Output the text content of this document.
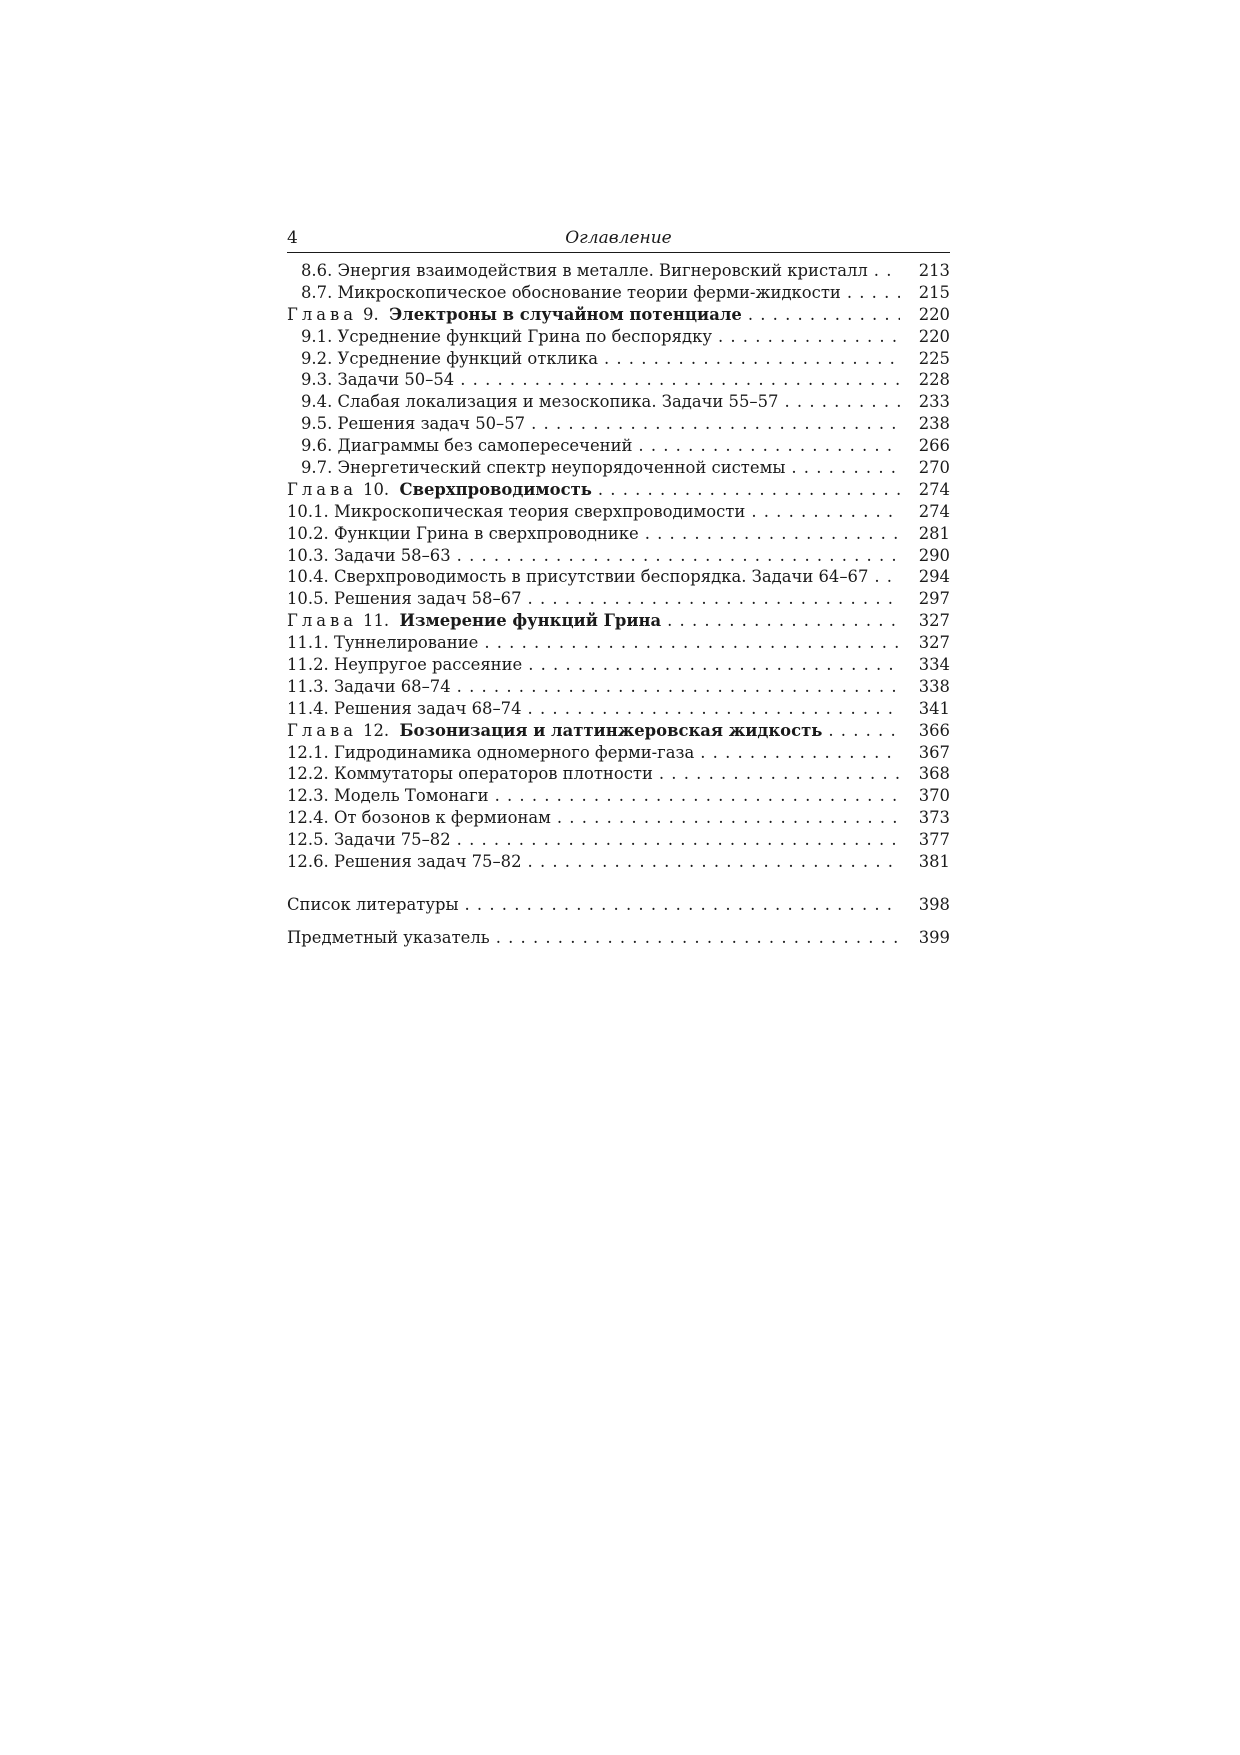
4	Оглавление
8.6. Энергия взаимодействия в металле. Вигнеровский кристалл . . .	213
8.7. Микроскопическое обоснование теории ферми-жидкости . . .	215
Глава 9. Электроны в случайном потенциале . . .	220
9.1. Усреднение функций Грина по беспорядку . . .	220
9.2. Усреднение функций отклика . . .	225
9.3. Задачи 50–54 . . .	228
9.4. Слабая локализация и мезоскопика. Задачи 55–57 . . .	233
9.5. Решения задач 50–57 . . .	238
9.6. Диаграммы без самопересечений . . .	266
9.7. Энергетический спектр неупорядоченной системы . . .	270
Глава 10. Сверхпроводимость . . .	274
10.1. Микроскопическая теория сверхпроводимости . . .	274
10.2. Функции Грина в сверхпроводнике . . .	281
10.3. Задачи 58–63 . . .	290
10.4. Сверхпроводимость в присутствии беспорядка. Задачи 64–67 . . .	294
10.5. Решения задач 58–67 . . .	297
Глава 11. Измерение функций Грина . . .	327
11.1. Туннелирование . . .	327
11.2. Неупругое рассеяние . . .	334
11.3. Задачи 68–74 . . .	338
11.4. Решения задач 68–74 . . .	341
Глава 12. Бозонизация и латтинжеровская жидкость . . .	366
12.1. Гидродинамика одномерного ферми-газа . . .	367
12.2. Коммутаторы операторов плотности . . .	368
12.3. Модель Томонаги . . .	370
12.4. От бозонов к фермионам . . .	373
12.5. Задачи 75–82 . . .	377
12.6. Решения задач 75–82 . . .	381
Список литературы . . .	398
Предметный указатель . . .	399
